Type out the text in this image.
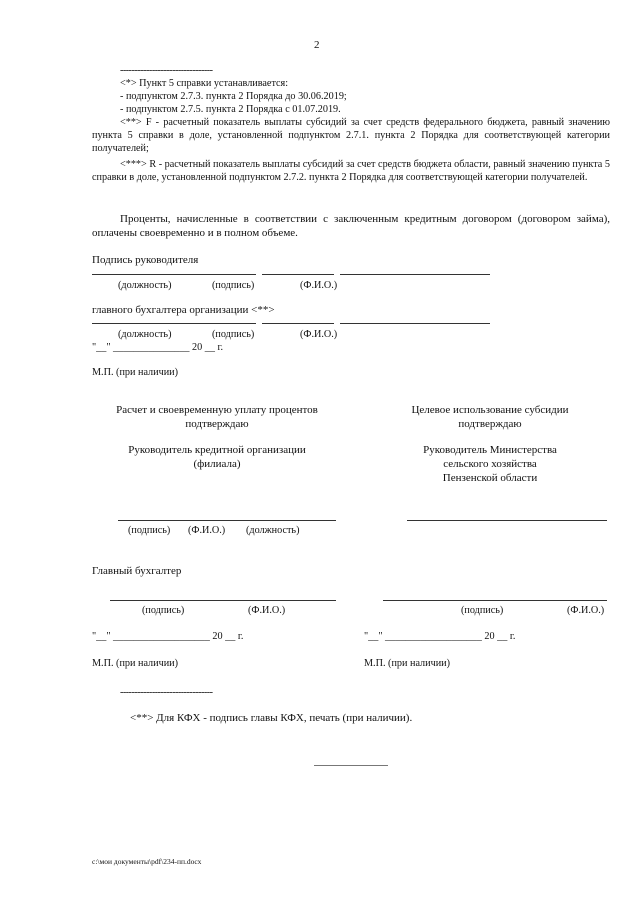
2
--------------------------------
<*> Пункт 5 справки устанавливается:
- подпунктом 2.7.3. пункта 2 Порядка до 30.06.2019;
- подпунктом 2.7.5. пункта 2 Порядка с 01.07.2019.
<**> F - расчетный показатель выплаты субсидий за счет средств федерального бюджета, равный значению пункта 5 справки в доле, установленной подпунктом 2.7.1. пункта 2 Порядка для соответствующей категории получателей;
<***> R - расчетный показатель выплаты субсидий за счет средств бюджета области, равный значению пункта 5 справки в доле, установленной подпунктом 2.7.2. пункта 2 Порядка для соответствующей категории получателей.
Проценты, начисленные в соответствии с заключенным кредитным договором (договором займа), оплачены своевременно и в полном объеме.
Подпись руководителя
(должность)	(подпись)	(Ф.И.О.)
главного бухгалтера организации <**>
(должность)	(подпись)	(Ф.И.О.)
"__" _______________ 20 __ г.
М.П. (при наличии)
Расчет и своевременную уплату процентов
подтверждаю
Целевое использование субсидии
подтверждаю
Руководитель кредитной организации
(филиала)
Руководитель Министерства
сельского хозяйства
Пензенской области
(подпись) (Ф.И.О.) (должность)
Главный бухгалтер
(подпись)	(Ф.И.О.)	(подпись)	(Ф.И.О.)
"__" ___________________ 20 __ г.	"__" ___________________ 20 __ г.
М.П. (при наличии)	М.П. (при наличии)
--------------------------------
<**> Для КФХ - подпись главы КФХ, печать (при наличии).
c:\мои документы\pdf\234-пп.docx
